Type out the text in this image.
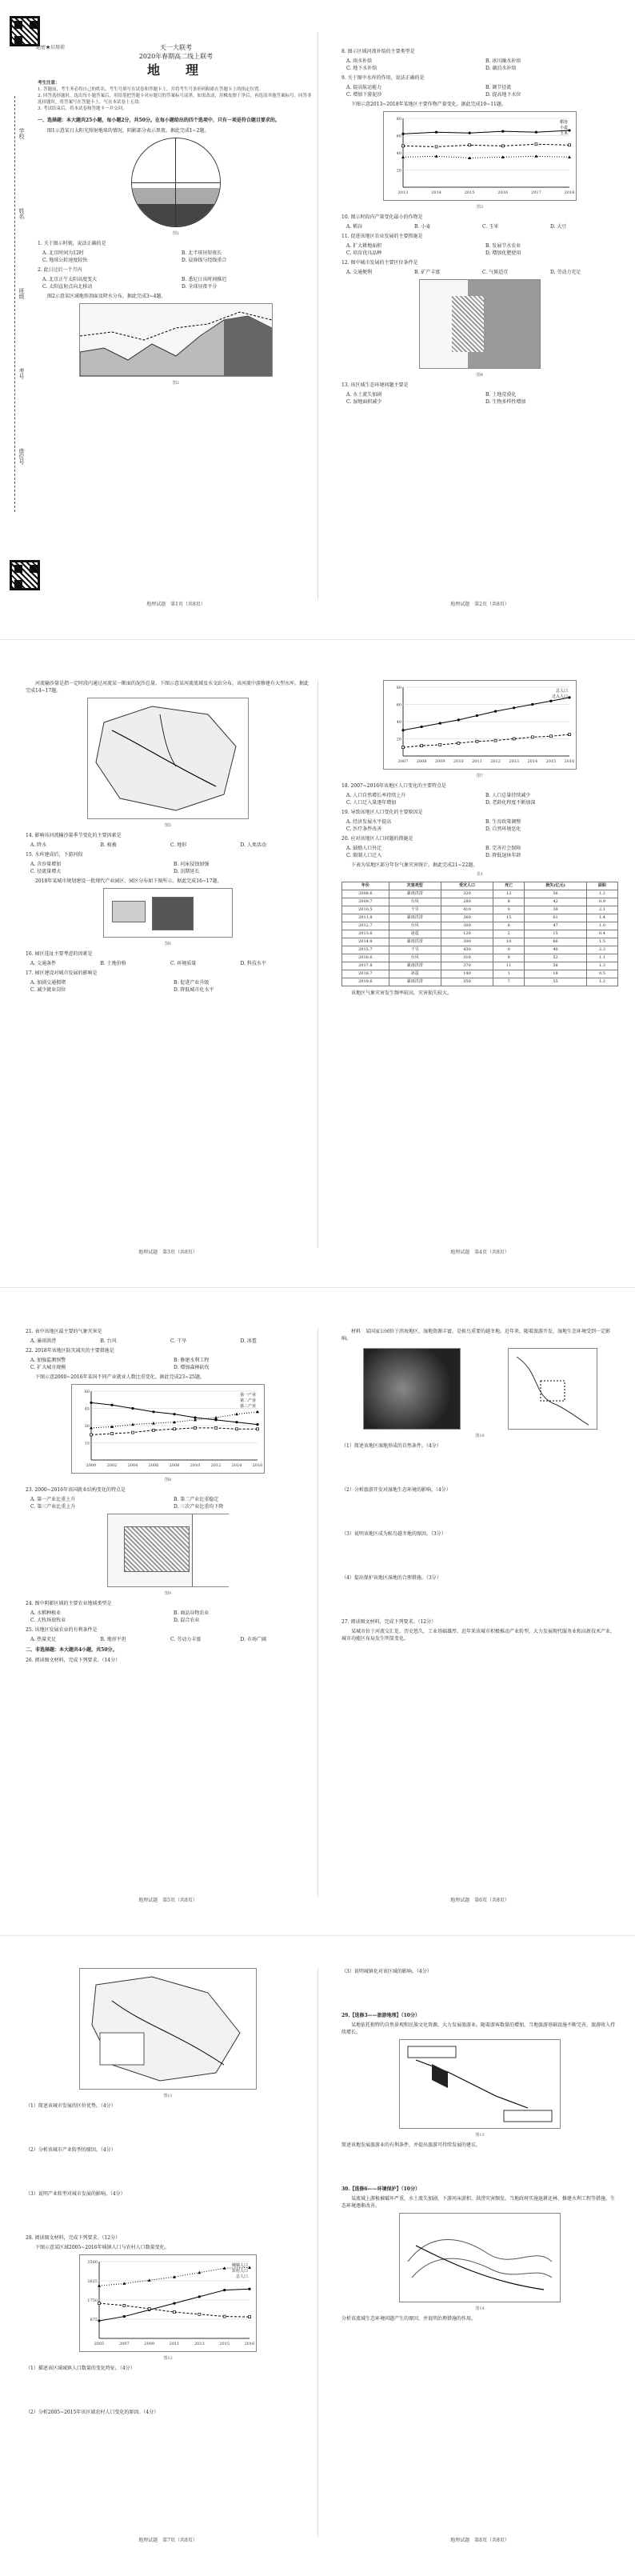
学校
姓名
班级
考号
座位号
绝密★启用前	天一大联考
2020年春期高二线上联考
地　理
考生注意：
1. 答题前，考生务必将自己的姓名、考生号填写在试卷和答题卡上，并将考生号条形码粘贴在答题卡上的指定位置。
2. 回答选择题时，选出每小题答案后，用铅笔把答题卡对应题目的答案标号涂黑。如需改动，用橡皮擦干净后，再选涂其他答案标号。回答非选择题时，将答案写在答题卡上，写在本试卷上无效。
3. 考试结束后，将本试卷和答题卡一并交回。
一、选择题：本大题共25小题，每小题2分，共50分。在每小题给出的四个选项中，只有一项是符合题目要求的。
图1示意某日太阳光照射地球的情况，阴影部分表示黑夜。据此完成1~2题。
图1
1. 关于图示时刻，说法正确的是
A. 北京时间为12时	B. 北半球昼短夜长
C. 地球公转速度较快	D. 晨昏线与经线重合
2. 此日过后一个月内
A. 北京正午太阳高度变大	B. 悉尼日出时间推迟
C. 太阳直射点向北移动	D. 全球昼夜平分
图2示意某区域地形剖面及降水分布。据此完成3~4题。
图2
地理试题　第1页（共8页）
8. 图示区域河流补给的主要类型是
A. 雨水补给	B. 冰川融水补给
C. 地下水补给	D. 湖泊水补给
9. 关于图中水库的作用，说法正确的是
A. 提高航运能力	B. 调节径流
C. 增加下游泥沙	D. 提高地下水位
下图示意2013~2018年某地区主要作物产量变化。据此完成10~11题。
20
40
60
80
2013	2014	2015	2016	2017	2018
稻谷
小麦
玉米
图3
10. 图示时段内产量变化最小的作物是
A. 稻谷	B. 小麦	C. 玉米	D. 大豆
11. 促进该地区农业发展的主要措施是
A. 扩大耕地面积	B. 发展节水农业
C. 培育优良品种	D. 增加化肥使用
12. 图中城市发展的主要区位条件是
A. 交通便利	B. 矿产丰富	C. 气候适宜	D. 劳动力充足
图4
13. 该区域生态环境问题主要是
A. 水土流失加剧	B. 土地荒漠化
C. 湿地面积减少	D. 生物多样性增加
地理试题　第2页（共8页）
河流输沙量是指一定时段内通过河流某一断面的泥沙总量。下图示意某河流流域及水文站分布，该河流中游修建有大型水库。据此完成14~17题。
图5
14. 影响该河流输沙量季节变化的主要因素是
A. 降水	B. 植被	C. 地形	D. 人类活动
15. 水库建成后，下游河段
A. 含沙量增加	B. 河床侵蚀加强
C. 径流量增大	D. 汛期延长
2018年某城市规划建设一批现代产业园区，园区分布如下图所示。据此完成16~17题。
图6
16. 园区选址主要考虑的因素是
A. 交通条件	B. 土地价格	C. 环境质量	D. 科技水平
17. 园区建设对城市发展的影响是
A. 加剧交通拥堵	B. 促进产业升级
C. 减少就业岗位	D. 降低城市化水平
地理试题　第3页（共8页）
20
40
60
80
2007 2008 2009 2010 2011 2012 2013 2014 2015 2016
总人口
迁入人口
图7
18. 2007~2016年该地区人口变化的主要特点是
A. 人口自然增长率持续上升	B. 人口总量持续减少
C. 人口迁入量逐年增加	D. 老龄化程度不断加深
19. 导致该地区人口变化的主要原因是
A. 经济发展水平提高	B. 生育政策调整
C. 医疗条件改善	D. 自然环境恶化
20. 应对该地区人口问题的措施是
A. 鼓励人口外迁	B. 完善社会保障
C. 限制人口迁入	D. 降低退休年龄
下表为某地区部分年份气象灾害统计。据此完成21~22题。
表1
年份	灾害类型	受灾人口	死亡	损失(亿元)	面积
2008.6	暴雨洪涝	320	12	56	1.2
2009.7	台风	280	8	42	0.9
2010.5	干旱	410	0	38	2.1
2011.8	暴雨洪涝	360	15	61	1.4
2012.7	台风	300	6	47	1.0
2013.6	冰雹	120	2	15	0.4
2014.8	暴雨洪涝	390	10	66	1.5
2015.7	干旱	430	0	40	2.3
2016.6	台风	310	9	52	1.1
2017.8	暴雨洪涝	370	11	58	1.3
2018.7	冰雹	140	1	18	0.5
2019.6	暴雨洪涝	350	7	55	1.2
该地区气象灾害发生频率较高，灾害损失较大。
地理试题　第4页（共8页）
21. 表中该地区最主要的气象灾害是
A. 暴雨洪涝	B. 台风	C. 干旱	D. 冰雹
22. 2018年该地区防灾减灾的主要措施是
A. 加强监测预警	B. 修建水利工程
C. 扩大城市规模	D. 增加森林砍伐
下图示意2000~2016年某国不同产业就业人数比重变化。据此完成23~25题。
15
30
45
60
2000	2002	2004	2006	2008	2010	2012	2014	2016
第一产业
第二产业
第三产业
图8
23. 2000~2016年该国就业结构变化的特点是
A. 第一产业比重上升	B. 第二产业比重稳定
C. 第三产业比重上升	D. 三次产业比重均下降
图9
24. 图中阴影区域的主要农业地域类型是
A. 水稻种植业	B. 商品谷物农业
C. 大牧场放牧业	D. 混合农业
25. 该地区发展农业的有利条件是
A. 热量充足	B. 地形平坦	C. 劳动力丰富	D. 市场广阔
二、非选择题：本大题共4小题，共50分。
26. 阅读图文材料，完成下列要求。（14分）
地理试题　第5页（共8页）
材料　某国家公园位于滨海地区，湿地资源丰富，是候鸟重要的越冬地。近年来，随着旅游开发，湿地生态环境受到一定影响。
图10
（1）简述该地区湿地形成的自然条件。（4分）
（2）分析旅游开发对湿地生态环境的影响。（4分）
（3）说明该地区成为候鸟越冬地的原因。（3分）
（4）提出保护该地区湿地的合理措施。（3分）
27. 阅读图文材料，完成下列要求。（12分）
某城市位于河流交汇处，历史悠久，工业基础雄厚。近年来该城市积极推动产业转型，大力发展现代服务业和高新技术产业，城市功能区布局发生明显变化。
地理试题　第6页（共8页）
图11
（1）简述该城市发展的区位优势。（4分）
（2）分析该城市产业转型的原因。（4分）
（3）说明产业转型对城市发展的影响。（4分）
28. 阅读图文材料，完成下列要求。（12分）
下图示意某区域2005~2016年城镇人口与农村人口数量变化。
875
1750
2625
3500
2005	2007	2009	2011	2013	2015	2016
城镇人口
农村人口
总人口
图12
（1）描述该区域城镇人口数量的变化特征。（4分）
（2）分析2005~2015年该区域农村人口变化的原因。（4分）
地理试题　第7页（共8页）
（3）说明城镇化对该区域的影响。（4分）
29.【选修3——旅游地理】（10分）
某地依托独特的自然景观和民族文化资源，大力发展旅游业。随着游客数量的增加，当地旅游基础设施不断完善，旅游收入持续增长。
图13
简述该地发展旅游业的有利条件，并提出旅游可持续发展的建议。
30.【选修6——环境保护】（10分）
某流域上游植被破坏严重，水土流失加剧，下游河床淤积，洪涝灾害频发。当地政府实施退耕还林、修建水利工程等措施，生态环境逐渐改善。
图14
分析该流域生态环境问题产生的原因，并说明治理措施的作用。
地理试题　第8页（共8页）
